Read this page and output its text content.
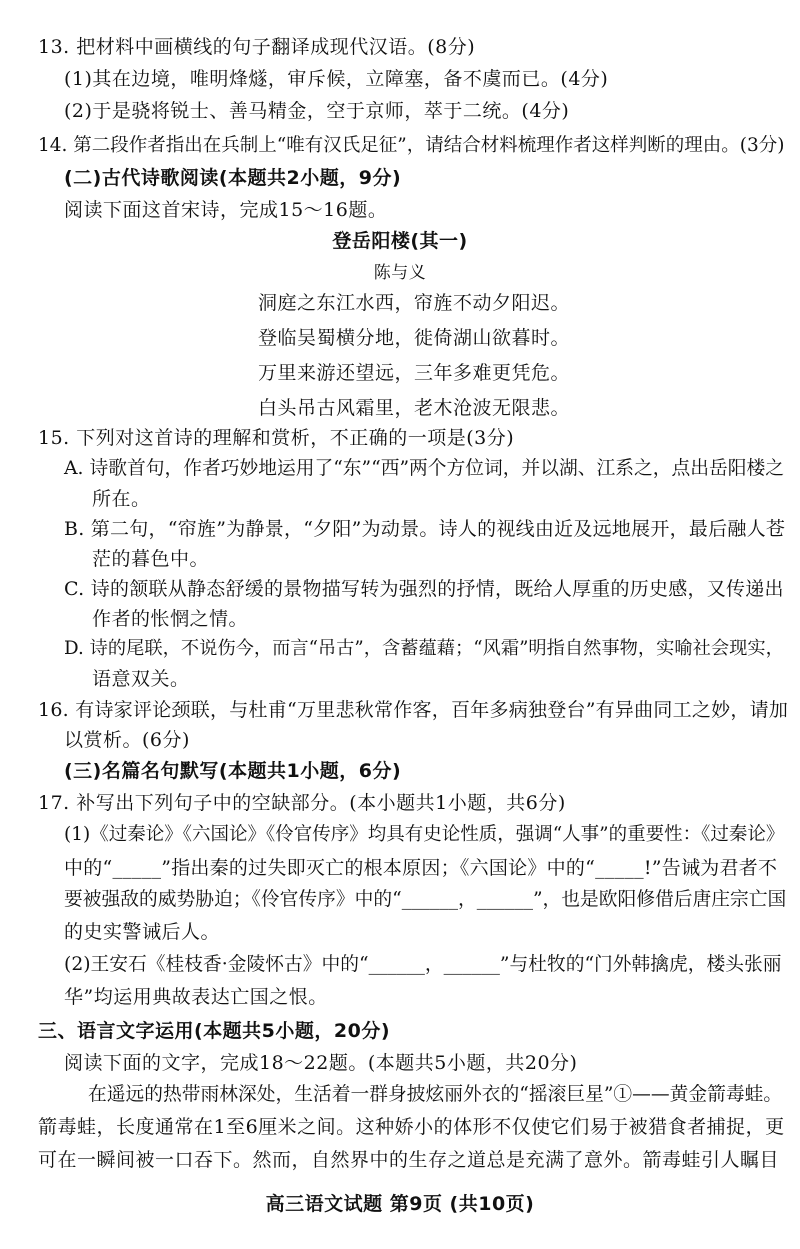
13. 把材料中画横线的句子翻译成现代汉语。(8分)
(1)其在边境，唯明烽燧，审斥候，立障塞，备不虞而已。(4分)
(2)于是骁将锐士、善马精金，空于京师，萃于二统。(4分)
14. 第二段作者指出在兵制上“唯有汉氏足征”，请结合材料梳理作者这样判断的理由。(3分)
(二)古代诗歌阅读(本题共2小题，9分)
阅读下面这首宋诗，完成15～16题。
登岳阳楼(其一)
陈与义
洞庭之东江水西，帘旌不动夕阳迟。
登临吴蜀横分地，徙倚湖山欲暮时。
万里来游还望远，三年多难更凭危。
白头吊古风霜里，老木沧波无限悲。
15. 下列对这首诗的理解和赏析，不正确的一项是(3分)
A. 诗歌首句，作者巧妙地运用了“东”“西”两个方位词，并以湖、江系之，点出岳阳楼之
所在。
B. 第二句，“帘旌”为静景，“夕阳”为动景。诗人的视线由近及远地展开，最后融人苍
茫的暮色中。
C. 诗的颔联从静态舒缓的景物描写转为强烈的抒情，既给人厚重的历史感，又传递出
作者的怅惘之情。
D. 诗的尾联，不说伤今，而言“吊古”，含蓄蕴藉；“风霜”明指自然事物，实喻社会现实，
语意双关。
16. 有诗家评论颈联，与杜甫“万里悲秋常作客，百年多病独登台”有异曲同工之妙，请加
以赏析。(6分)
(三)名篇名句默写(本题共1小题，6分)
17. 补写出下列句子中的空缺部分。(本小题共1小题，共6分)
(1)《过秦论》《六国论》《伶官传序》均具有史论性质，强调“人事”的重要性：《过秦论》
中的“_____”指出秦的过失即灭亡的根本原因；《六国论》中的“_____!”告诫为君者不
要被强敌的威势胁迫；《伶官传序》中的“______，______”，也是欧阳修借后唐庄宗亡国
的史实警诫后人。
(2)王安石《桂枝香·金陵怀古》中的“______，______”与杜牧的“门外韩擒虎，楼头张丽
华”均运用典故表达亡国之恨。
三、语言文字运用(本题共5小题，20分)
阅读下面的文字，完成18～22题。(本题共5小题，共20分)
在遥远的热带雨林深处，生活着一群身披炫丽外衣的“摇滚巨星”①——黄金箭毒蛙。
箭毒蛙，长度通常在1至6厘米之间。这种娇小的体形不仅使它们易于被猎食者捕捉，更
可在一瞬间被一口吞下。然而，自然界中的生存之道总是充满了意外。箭毒蛙引人瞩目
高三语文试题 第9页 (共10页)
